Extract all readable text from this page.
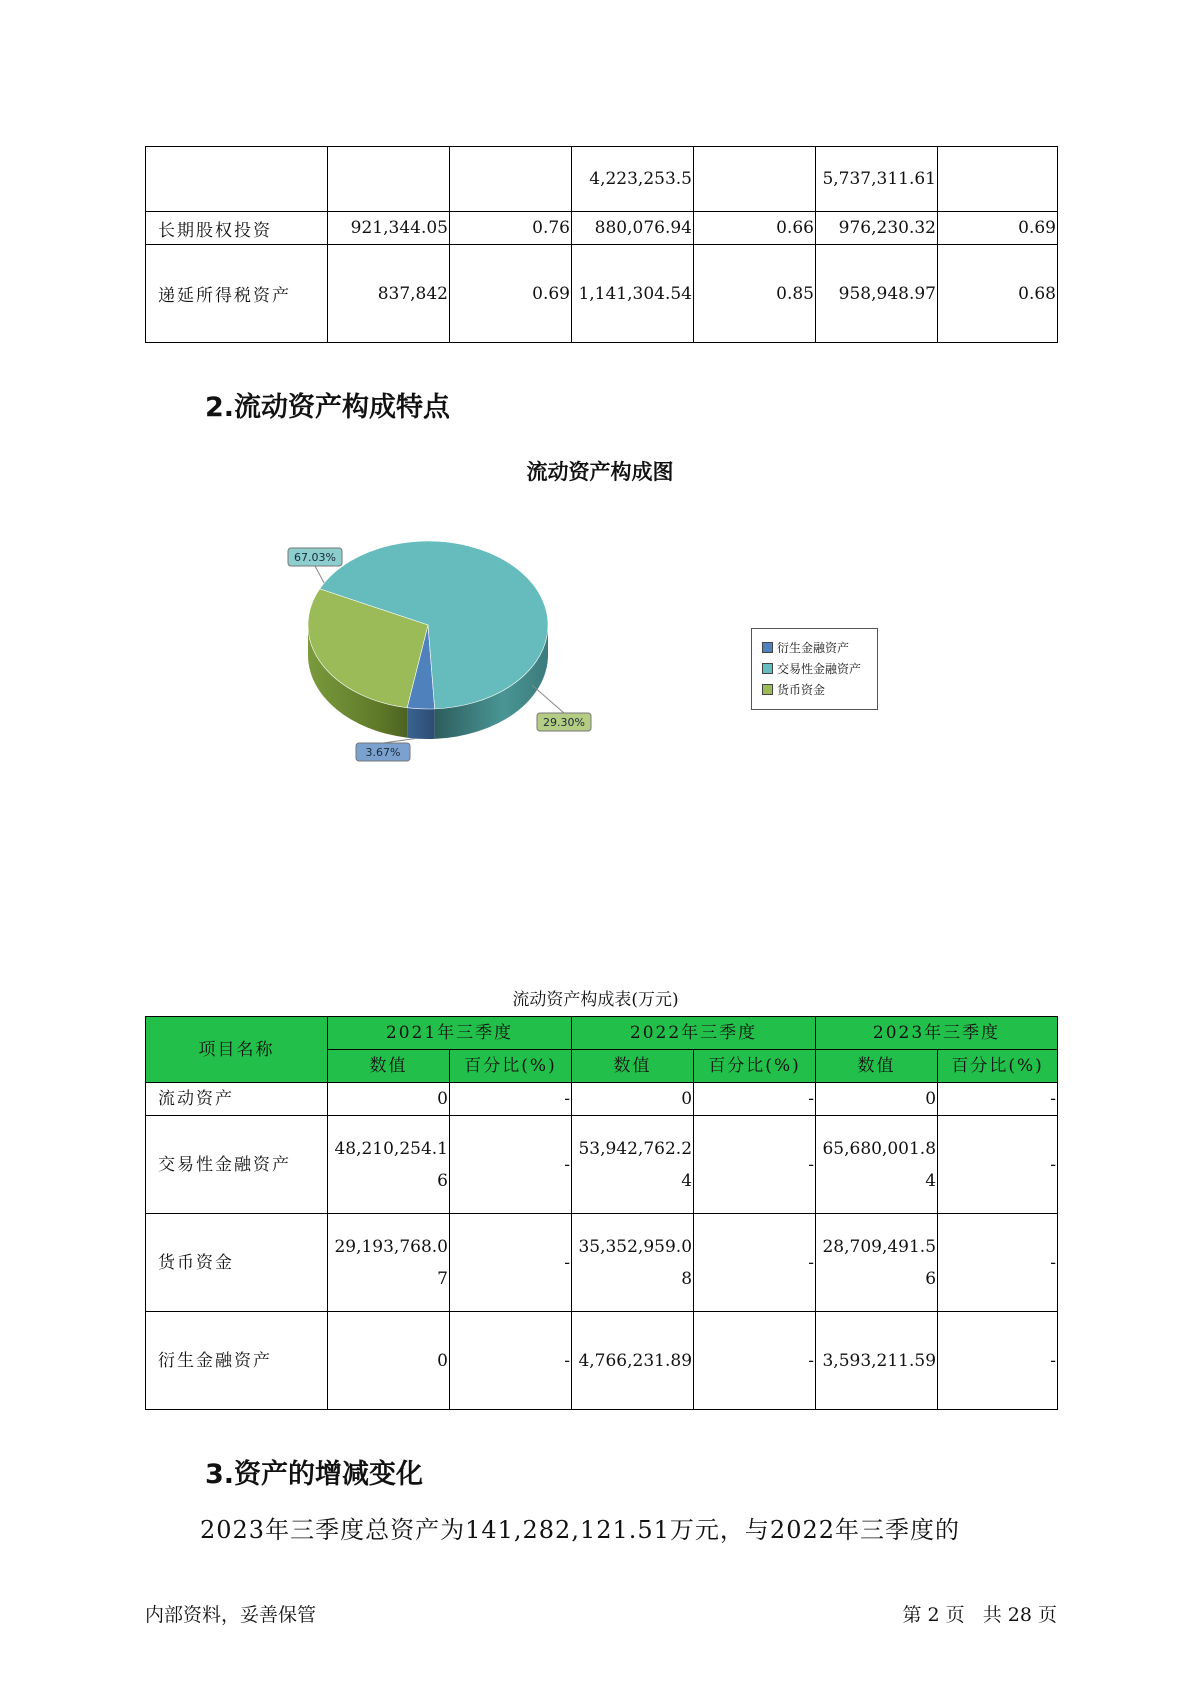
			4,223,253.5		5,737,311.61	
长期股权投资	921,344.05	0.76	880,076.94	0.66	976,230.32	0.69
递延所得税资产	837,842	0.69	1,141,304.54	0.85	958,948.97	0.68
2.流动资产构成特点
流动资产构成图
3.67%
67.03%
29.30%
衍生金融资产
交易性金融资产
货币资金
流动资产构成表(万元)
项目名称	2021年三季度		2022年三季度		2023年三季度	
	数值	百分比(%)	数值	百分比(%)	数值	百分比(%)
流动资产	0	-	0	-	0	-
交易性金融资产	48,210,254.16	-	53,942,762.24	-	65,680,001.84	-
货币资金	29,193,768.07	-	35,352,959.08	-	28,709,491.56	-
衍生金融资产	0	-	4,766,231.89	-	3,593,211.59	-
3.资产的增减变化
2023年三季度总资产为141,282,121.51万元，与2022年三季度的
内部资料，妥善保管	第 2 页   共 28 页
